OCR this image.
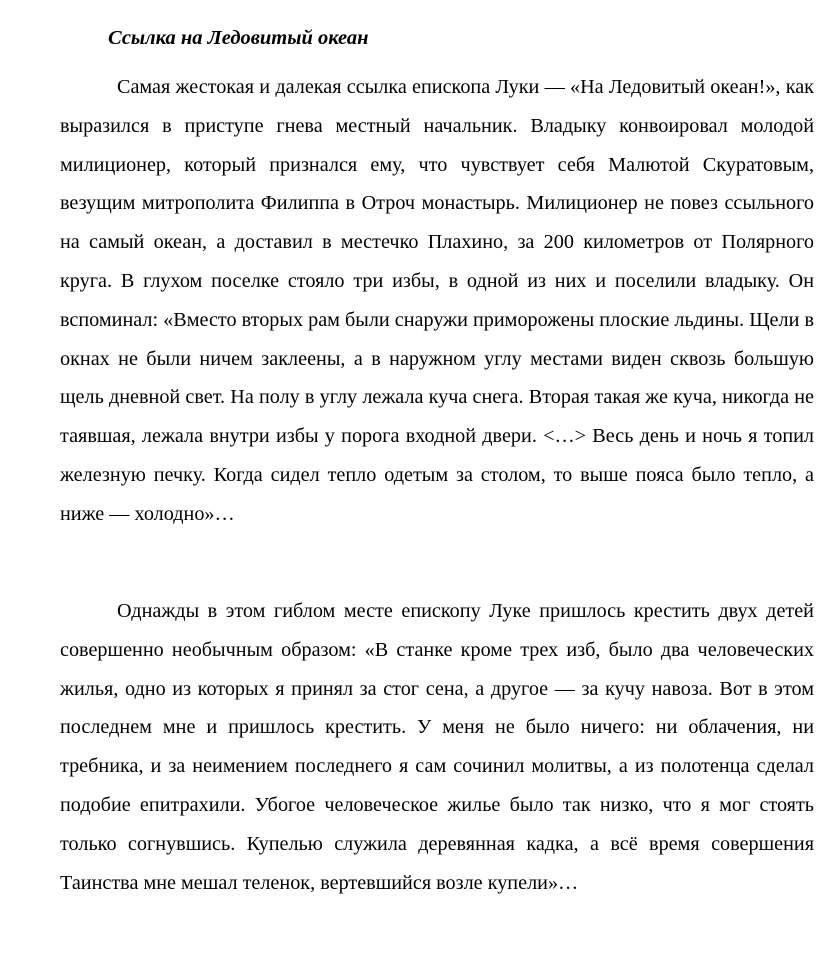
Ссылка на Ледовитый океан

Самая жестокая и далекая ссылка епископа Луки — «На Ледовитый океан!», как выразился в приступе гнева местный начальник. Владыку конвоировал молодой милиционер, который признался ему, что чувствует себя Малютой Скуратовым, везущим митрополита Филиппа в Отроч монастырь. Милиционер не повез ссыльного на самый океан, а доставил в местечко Плахино, за 200 километров от Полярного круга. В глухом поселке стояло три избы, в одной из них и поселили владыку. Он вспоминал: «Вместо вторых рам были снаружи приморожены плоские льдины. Щели в окнах не были ничем заклеены, а в наружном углу местами виден сквозь большую щель дневной свет. На полу в углу лежала куча снега. Вторая такая же куча, никогда не таявшая, лежала внутри избы у порога входной двери. <…> Весь день и ночь я топил железную печку. Когда сидел тепло одетым за столом, то выше пояса было тепло, а ниже — холодно»…

Однажды в этом гиблом месте епископу Луке пришлось крестить двух детей совершенно необычным образом: «В станке кроме трех изб, было два человеческих жилья, одно из которых я принял за стог сена, а другое — за кучу навоза. Вот в этом последнем мне и пришлось крестить. У меня не было ничего: ни облачения, ни требника, и за неимением последнего я сам сочинил молитвы, а из полотенца сделал подобие епитрахили. Убогое человеческое жилье было так низко, что я мог стоять только согнувшись. Купелью служила деревянная кадка, а всё время совершения Таинства мне мешал теленок, вертевшийся возле купели»…
